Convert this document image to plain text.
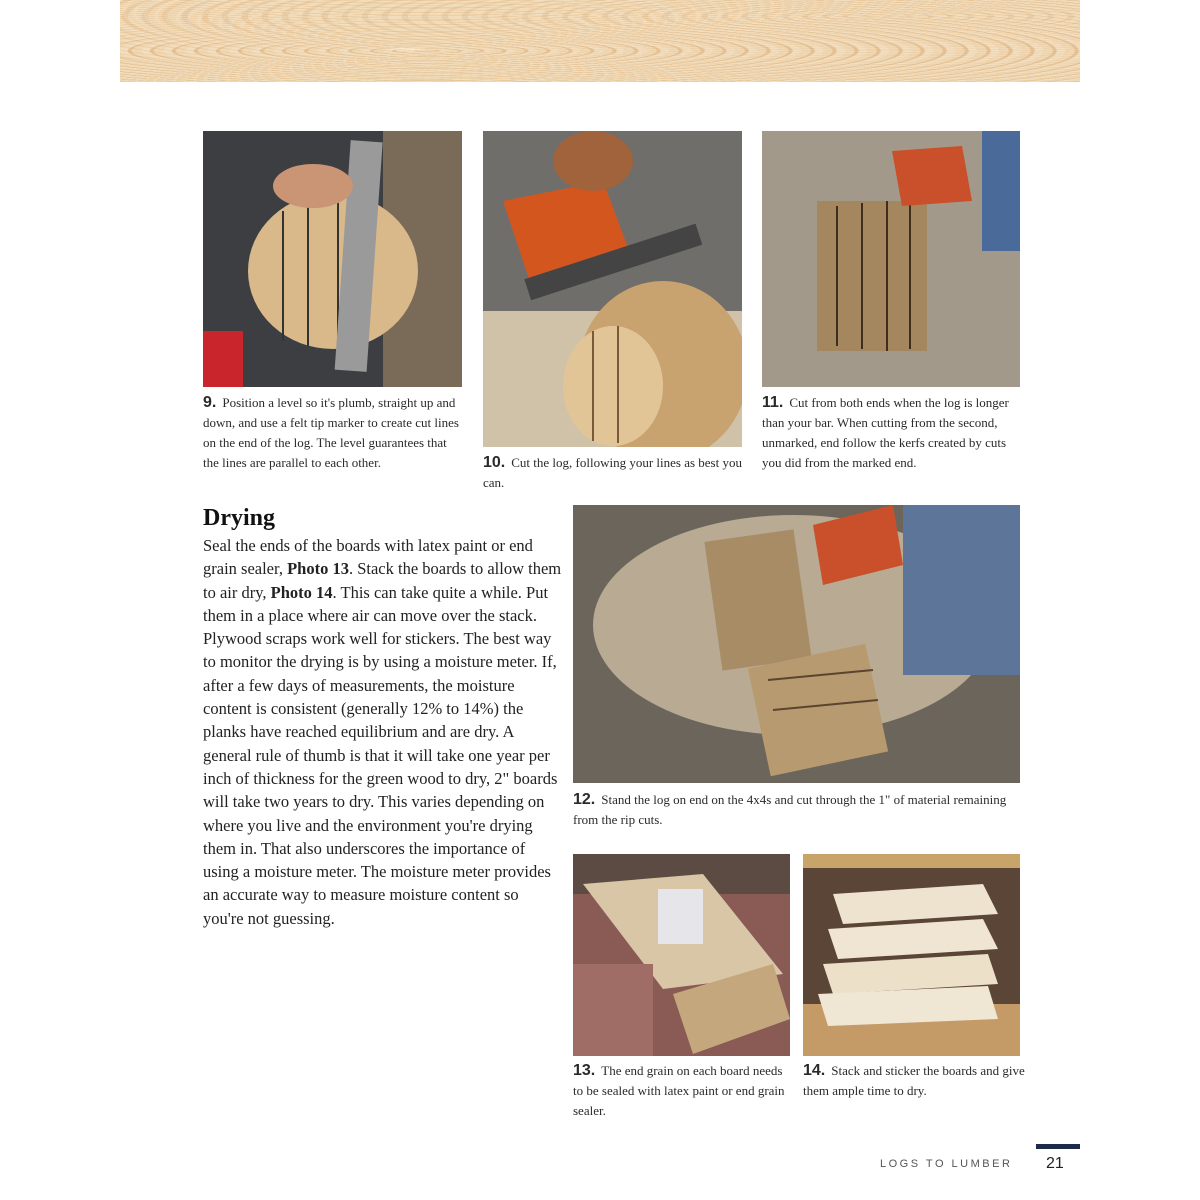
9. Position a level so it's plumb, straight up and down, and use a felt tip marker to create cut lines on the end of the log. The level guarantees that the lines are parallel to each other.	10. Cut the log, following your lines as best you can.
11. Cut from both ends when the log is longer than your bar. When cutting from the second, unmarked, end follow the kerfs created by cuts you did from the marked end.
Drying

Seal the ends of the boards with latex paint or end grain sealer, Photo 13. Stack the boards to allow them to air dry, Photo 14. This can take quite a while. Put them in a place where air can move over the stack. Plywood scraps work well for stickers. The best way to monitor the drying is by using a moisture meter. If, after a few days of measurements, the moisture content is consistent (generally 12% to 14%) the planks have reached equilibrium and are dry. A general rule of thumb is that it will take one year per inch of thickness for the green wood to dry, 2" boards will take two years to dry. This varies depending on where you live and the environment you're drying them in. That also underscores the importance of using a moisture meter. The moisture meter provides an accurate way to measure moisture content so you're not guessing.

12. Stand the log on end on the 4x4s and cut through the 1" of material remaining from the rip cuts.
13. The end grain on each board needs to be sealed with latex paint or end grain sealer.
14. Stack and sticker the boards and give them ample time to dry.
LOGS TO LUMBER 21
